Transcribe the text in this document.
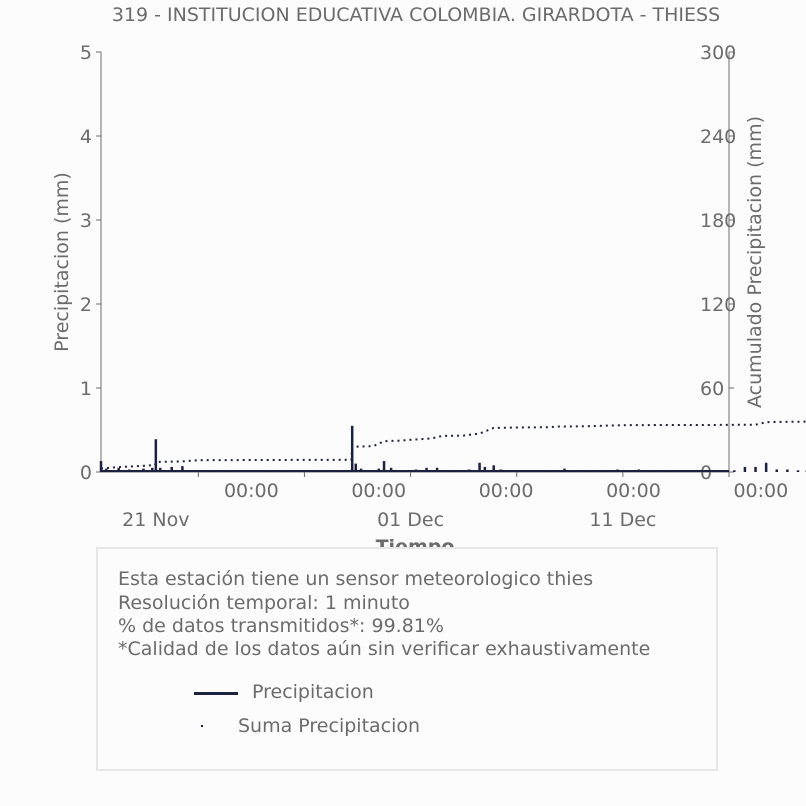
319 - INSTITUCION EDUCATIVA COLOMBIA. GIRARDOTA - THIESS
0
1
2
3
4
5
0
60
120
180
240
300
00:00	00:00	00:00	00:00	00:00
21 Nov	01 Dec	11 Dec
Precipitacion (mm)	Acumulado Precipitacion (mm)
Esta estación tiene un sensor meteorologico thies
Resolución temporal: 1 minuto
% de datos transmitidos*: 99.81%
*Calidad de los datos aún sin verificar exhaustivamente
Precipitacion
Suma Precipitacion
